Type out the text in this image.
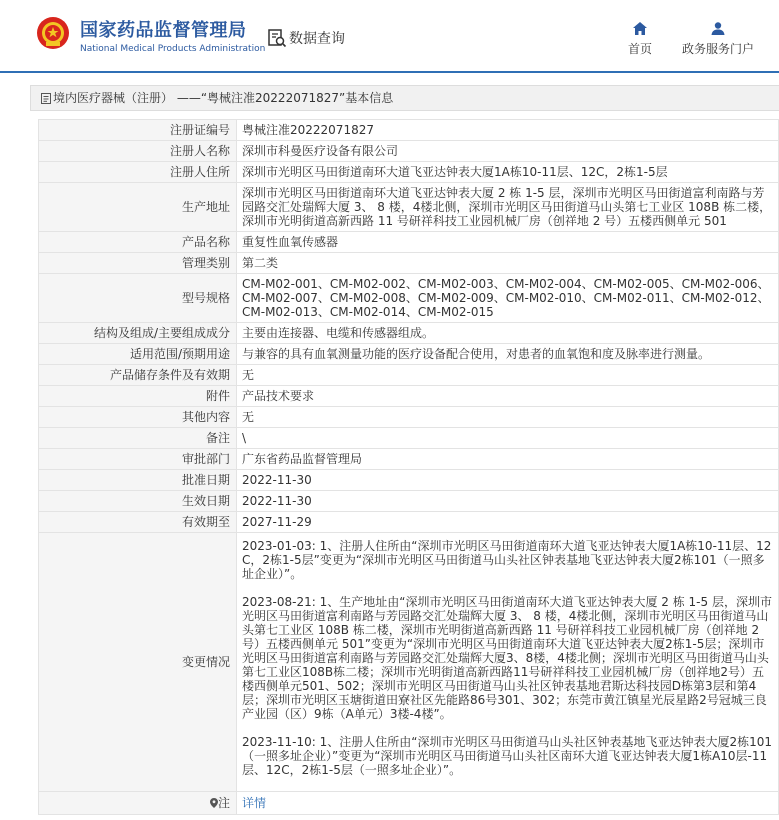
国家药品监督管理局
National Medical Products Administration
数据查询
首页 政务服务门户
境内医疗器械（注册） ——“粤械注准20222071827”基本信息
注册证编号	粤械注准20222071827
注册人名称	深圳市科曼医疗设备有限公司
注册人住所	深圳市光明区马田街道南环大道飞亚达钟表大厦1A栋10-11层、12C，2栋1-5层
生产地址	深圳市光明区马田街道南环大道飞亚达钟表大厦 2 栋 1-5 层，深圳市光明区马田街道富利南路与芳园路交汇处瑞辉大厦 3、 8 楼，4楼北侧，深圳市光明区马田街道马山头第七工业区 108B 栋二楼，深圳市光明街道高新西路 11 号研祥科技工业园机械厂房（创祥地 2 号）五楼西侧单元 501
产品名称	重复性血氧传感器
管理类别	第二类
型号规格	CM-M02-001、CM-M02-002、CM-M02-003、CM-M02-004、CM-M02-005、CM-M02-006、CM-M02-007、CM-M02-008、CM-M02-009、CM-M02-010、CM-M02-011、CM-M02-012、CM-M02-013、CM-M02-014、CM-M02-015
结构及组成/主要组成成分	主要由连接器、电缆和传感器组成。
适用范围/预期用途	与兼容的具有血氧测量功能的医疗设备配合使用，对患者的血氧饱和度及脉率进行测量。
产品储存条件及有效期	无
附件	产品技术要求
其他内容	无
备注	\
审批部门	广东省药品监督管理局
批准日期	2022-11-30
生效日期	2022-11-30
有效期至	2027-11-29
变更情况	2023-01-03: 1、注册人住所由“深圳市光明区马田街道南环大道飞亚达钟表大厦1A栋10-11层、12C，2栋1-5层”变更为“深圳市光明区马田街道马山头社区钟表基地飞亚达钟表大厦2栋101（一照多址企业）”。
2023-08-21: 1、生产地址由“深圳市光明区马田街道南环大道飞亚达钟表大厦 2 栋 1-5 层，深圳市光明区马田街道富利南路与芳园路交汇处瑞辉大厦 3、 8 楼，4楼北侧，深圳市光明区马田街道马山头第七工业区 108B 栋二楼，深圳市光明街道高新西路 11 号研祥科技工业园机械厂房（创祥地 2 号）五楼西侧单元 501”变更为“深圳市光明区马田街道南环大道飞亚达钟表大厦2栋1-5层；深圳市光明区马田街道富利南路与芳园路交汇处瑞辉大厦3、8楼，4楼北侧；深圳市光明区马田街道马山头第七工业区108B栋二楼；深圳市光明街道高新西路11号研祥科技工业园机械厂房（创祥地2号）五楼西侧单元501、502；深圳市光明区马田街道马山头社区钟表基地君斯达科技园D栋第3层和第4层；深圳市光明区玉塘街道田寮社区先能路86号301、302；东莞市黄江镇星光辰星路2号冠城三良产业园（区）9栋（A单元）3楼-4楼”。
2023-11-10: 1、注册人住所由“深圳市光明区马田街道马山头社区钟表基地飞亚达钟表大厦2栋101（一照多址企业）”变更为“深圳市光明区马田街道马山头社区南环大道飞亚达钟表大厦1栋A10层-11层、12C，2栋1-5层（一照多址企业）”。

注	详情
